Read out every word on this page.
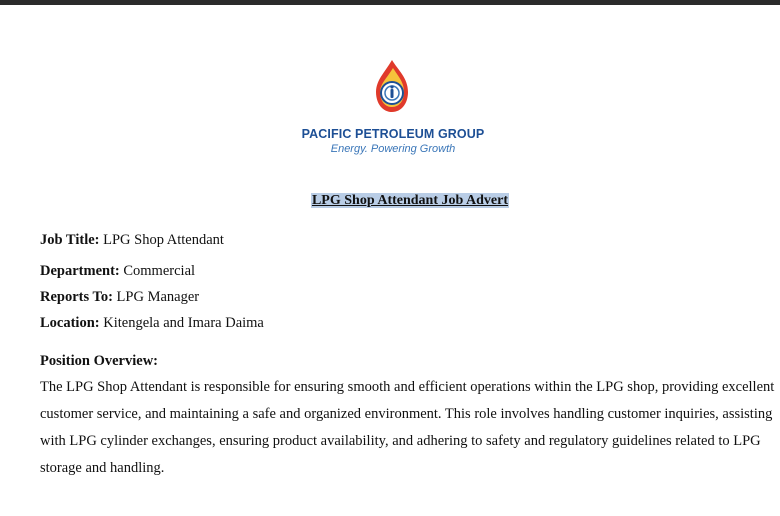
PACIFIC PETROLEUM GROUP
Energy. Powering Growth
LPG Shop Attendant Job Advert
Job Title: LPG Shop Attendant
Department: Commercial
Reports To: LPG Manager
Location: Kitengela and Imara Daima
Position Overview:
The LPG Shop Attendant is responsible for ensuring smooth and efficient operations within the LPG shop, providing excellent customer service, and maintaining a safe and organized environment. This role involves handling customer inquiries, assisting with LPG cylinder exchanges, ensuring product availability, and adhering to safety and regulatory guidelines related to LPG storage and handling.
